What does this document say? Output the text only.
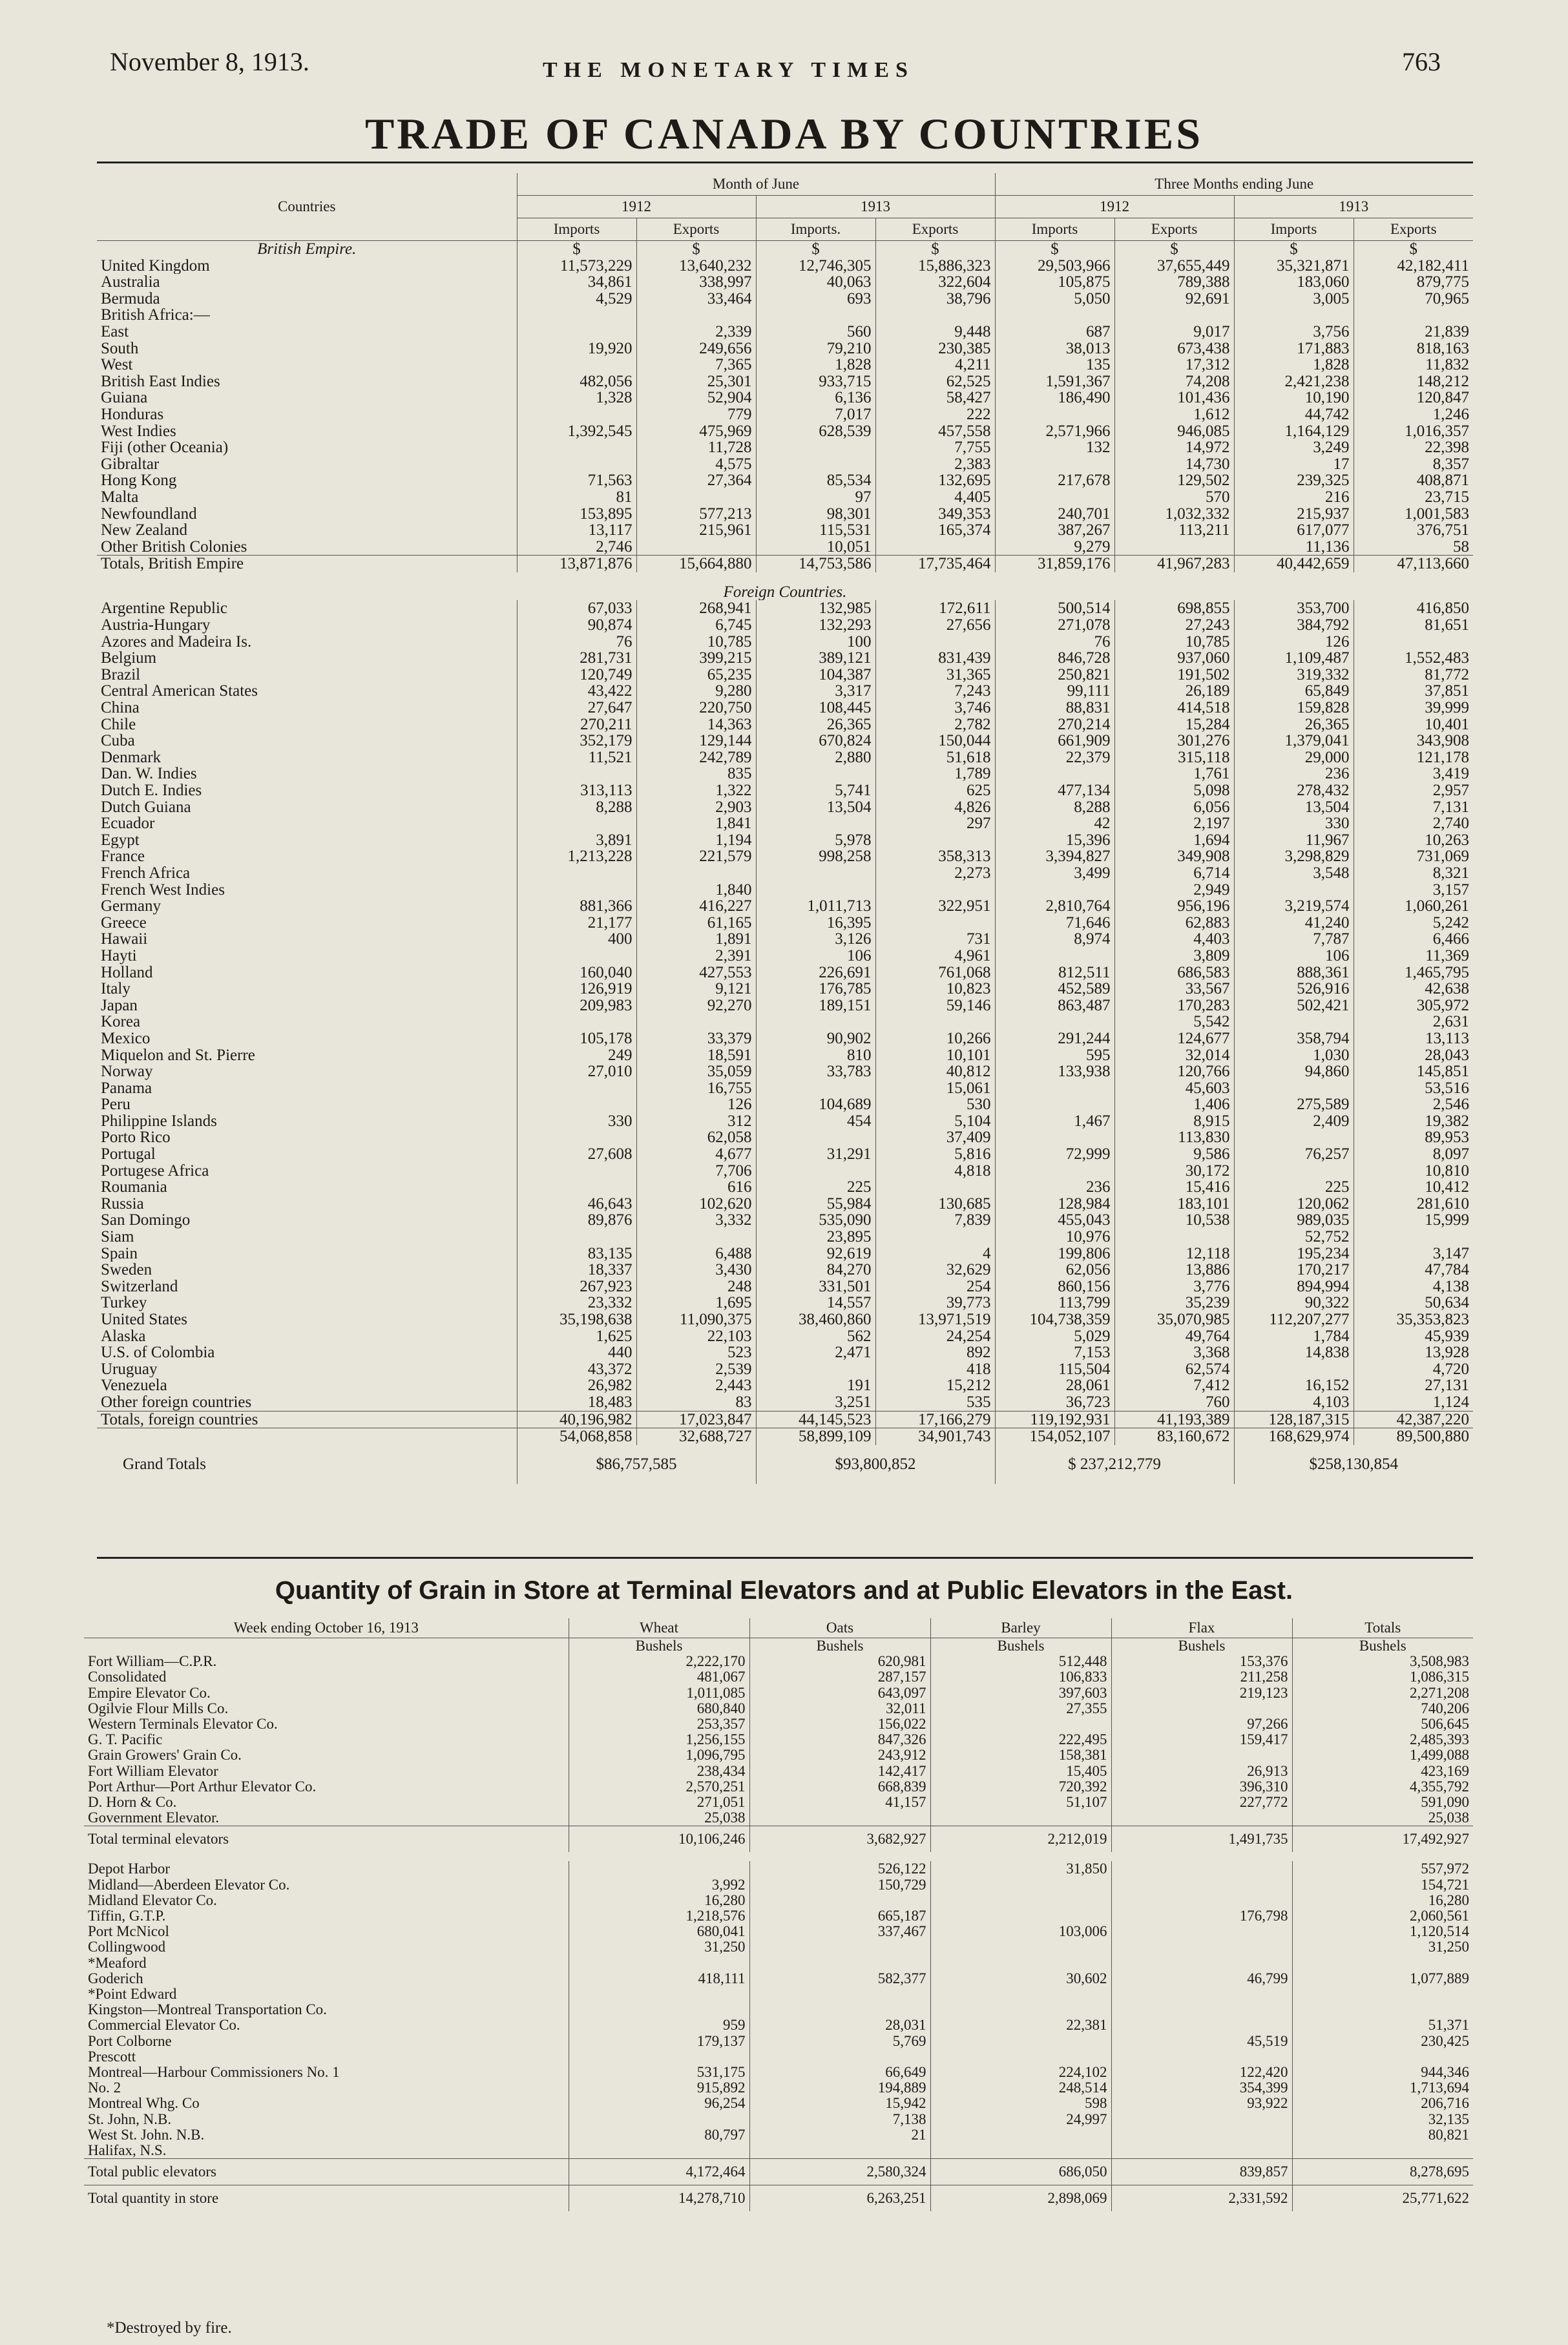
November 8, 1913.	THE MONETARY TIMES	763
TRADE OF CANADA BY COUNTRIES
Countries	Month of June				Three Months ending June			
	1912		1913		1912		1913	
	Imports	Exports	Imports.	Exports	Imports	Exports	Imports	Exports
British Empire.	$	$	$	$	$	$	$	$
United Kingdom	11,573,229	13,640,232	12,746,305	15,886,323	29,503,966	37,655,449	35,321,871	42,182,411
Australia	34,861	338,997	40,063	322,604	105,875	789,388	183,060	879,775
Bermuda	4,529	33,464	693	38,796	5,050	92,691	3,005	70,965
British Africa:—								
East		2,339	560	9,448	687	9,017	3,756	21,839
South	19,920	249,656	79,210	230,385	38,013	673,438	171,883	818,163
West		7,365	1,828	4,211	135	17,312	1,828	11,832
British East Indies	482,056	25,301	933,715	62,525	1,591,367	74,208	2,421,238	148,212
Guiana	1,328	52,904	6,136	58,427	186,490	101,436	10,190	120,847
Honduras		779	7,017	222		1,612	44,742	1,246
West Indies	1,392,545	475,969	628,539	457,558	2,571,966	946,085	1,164,129	1,016,357
Fiji (other Oceania)		11,728		7,755	132	14,972	3,249	22,398
Gibraltar		4,575		2,383		14,730	17	8,357
Hong Kong	71,563	27,364	85,534	132,695	217,678	129,502	239,325	408,871
Malta	81		97	4,405		570	216	23,715
Newfoundland	153,895	577,213	98,301	349,353	240,701	1,032,332	215,937	1,001,583
New Zealand	13,117	215,961	115,531	165,374	387,267	113,211	617,077	376,751
Other British Colonies	2,746		10,051		9,279		11,136	58
Totals, British Empire	13,871,876	15,664,880	14,753,586	17,735,464	31,859,176	41,967,283	40,442,659	47,113,660

Foreign Countries.								
Argentine Republic	67,033	268,941	132,985	172,611	500,514	698,855	353,700	416,850
Austria-Hungary	90,874	6,745	132,293	27,656	271,078	27,243	384,792	81,651
Azores and Madeira Is.	76	10,785	100		76	10,785	126	
Belgium	281,731	399,215	389,121	831,439	846,728	937,060	1,109,487	1,552,483
Brazil	120,749	65,235	104,387	31,365	250,821	191,502	319,332	81,772
Central American States	43,422	9,280	3,317	7,243	99,111	26,189	65,849	37,851
China	27,647	220,750	108,445	3,746	88,831	414,518	159,828	39,999
Chile	270,211	14,363	26,365	2,782	270,214	15,284	26,365	10,401
Cuba	352,179	129,144	670,824	150,044	661,909	301,276	1,379,041	343,908
Denmark	11,521	242,789	2,880	51,618	22,379	315,118	29,000	121,178
Dan. W. Indies		835		1,789		1,761	236	3,419
Dutch E. Indies	313,113	1,322	5,741	625	477,134	5,098	278,432	2,957
Dutch Guiana	8,288	2,903	13,504	4,826	8,288	6,056	13,504	7,131
Ecuador		1,841		297	42	2,197	330	2,740
Egypt	3,891	1,194	5,978		15,396	1,694	11,967	10,263
France	1,213,228	221,579	998,258	358,313	3,394,827	349,908	3,298,829	731,069
French Africa				2,273	3,499	6,714	3,548	8,321
French West Indies		1,840				2,949		3,157
Germany	881,366	416,227	1,011,713	322,951	2,810,764	956,196	3,219,574	1,060,261
Greece	21,177	61,165	16,395		71,646	62,883	41,240	5,242
Hawaii	400	1,891	3,126	731	8,974	4,403	7,787	6,466
Hayti		2,391	106	4,961		3,809	106	11,369
Holland	160,040	427,553	226,691	761,068	812,511	686,583	888,361	1,465,795
Italy	126,919	9,121	176,785	10,823	452,589	33,567	526,916	42,638
Japan	209,983	92,270	189,151	59,146	863,487	170,283	502,421	305,972
Korea						5,542		2,631
Mexico	105,178	33,379	90,902	10,266	291,244	124,677	358,794	13,113
Miquelon and St. Pierre	249	18,591	810	10,101	595	32,014	1,030	28,043
Norway	27,010	35,059	33,783	40,812	133,938	120,766	94,860	145,851
Panama		16,755		15,061		45,603		53,516
Peru		126	104,689	530		1,406	275,589	2,546
Philippine Islands	330	312	454	5,104	1,467	8,915	2,409	19,382
Porto Rico		62,058		37,409		113,830		89,953
Portugal	27,608	4,677	31,291	5,816	72,999	9,586	76,257	8,097
Portugese Africa		7,706		4,818		30,172		10,810
Roumania		616	225		236	15,416	225	10,412
Russia	46,643	102,620	55,984	130,685	128,984	183,101	120,062	281,610
San Domingo	89,876	3,332	535,090	7,839	455,043	10,538	989,035	15,999
Siam			23,895		10,976		52,752	
Spain	83,135	6,488	92,619	4	199,806	12,118	195,234	3,147
Sweden	18,337	3,430	84,270	32,629	62,056	13,886	170,217	47,784
Switzerland	267,923	248	331,501	254	860,156	3,776	894,994	4,138
Turkey	23,332	1,695	14,557	39,773	113,799	35,239	90,322	50,634
United States	35,198,638	11,090,375	38,460,860	13,971,519	104,738,359	35,070,985	112,207,277	35,353,823
Alaska	1,625	22,103	562	24,254	5,029	49,764	1,784	45,939
U.S. of Colombia	440	523	2,471	892	7,153	3,368	14,838	13,928
Uruguay	43,372	2,539		418	115,504	62,574		4,720
Venezuela	26,982	2,443	191	15,212	28,061	7,412	16,152	27,131
Other foreign countries	18,483	83	3,251	535	36,723	760	4,103	1,124
Totals, foreign countries	40,196,982	17,023,847	44,145,523	17,166,279	119,192,931	41,193,389	128,187,315	42,387,220
	54,068,858	32,688,727	58,899,109	34,901,743	154,052,107	83,160,672	168,629,974	89,500,880
Grand Totals	$86,757,585		$93,800,852		$ 237,212,779		$258,130,854	
Quantity of Grain in Store at Terminal Elevators and at Public Elevators in the East.
Week ending October 16, 1913	Wheat	Oats	Barley	Flax	Totals
	Bushels	Bushels	Bushels	Bushels	Bushels
Fort William—C.P.R.	2,222,170	620,981	512,448	153,376	3,508,983
Consolidated	481,067	287,157	106,833	211,258	1,086,315
Empire Elevator Co.	1,011,085	643,097	397,603	219,123	2,271,208
Ogilvie Flour Mills Co.	680,840	32,011	27,355		740,206
Western Terminals Elevator Co.	253,357	156,022		97,266	506,645
G. T. Pacific	1,256,155	847,326	222,495	159,417	2,485,393
Grain Growers' Grain Co.	1,096,795	243,912	158,381		1,499,088
Fort William Elevator	238,434	142,417	15,405	26,913	423,169
Port Arthur—Port Arthur Elevator Co.	2,570,251	668,839	720,392	396,310	4,355,792
D. Horn & Co.	271,051	41,157	51,107	227,772	591,090
Government Elevator.	25,038				25,038
Total terminal elevators	10,106,246	3,682,927	2,212,019	1,491,735	17,492,927

Depot Harbor		526,122	31,850		557,972
Midland—Aberdeen Elevator Co.	3,992	150,729			154,721
Midland Elevator Co.	16,280				16,280
Tiffin, G.T.P.	1,218,576	665,187		176,798	2,060,561
Port McNicol	680,041	337,467	103,006		1,120,514
Collingwood	31,250				31,250
*Meaford					
Goderich	418,111	582,377	30,602	46,799	1,077,889
*Point Edward					
Kingston—Montreal Transportation Co.					
Commercial Elevator Co.	959	28,031	22,381		51,371
Port Colborne	179,137	5,769		45,519	230,425
Prescott					
Montreal—Harbour Commissioners No. 1	531,175	66,649	224,102	122,420	944,346
No. 2	915,892	194,889	248,514	354,399	1,713,694
Montreal Whg. Co	96,254	15,942	598	93,922	206,716
St. John, N.B.		7,138	24,997		32,135
West St. John. N.B.	80,797	21			80,821
Halifax, N.S.					
Total public elevators	4,172,464	2,580,324	686,050	839,857	8,278,695
Total quantity in store	14,278,710	6,263,251	2,898,069	2,331,592	25,771,622
*Destroyed by fire.
